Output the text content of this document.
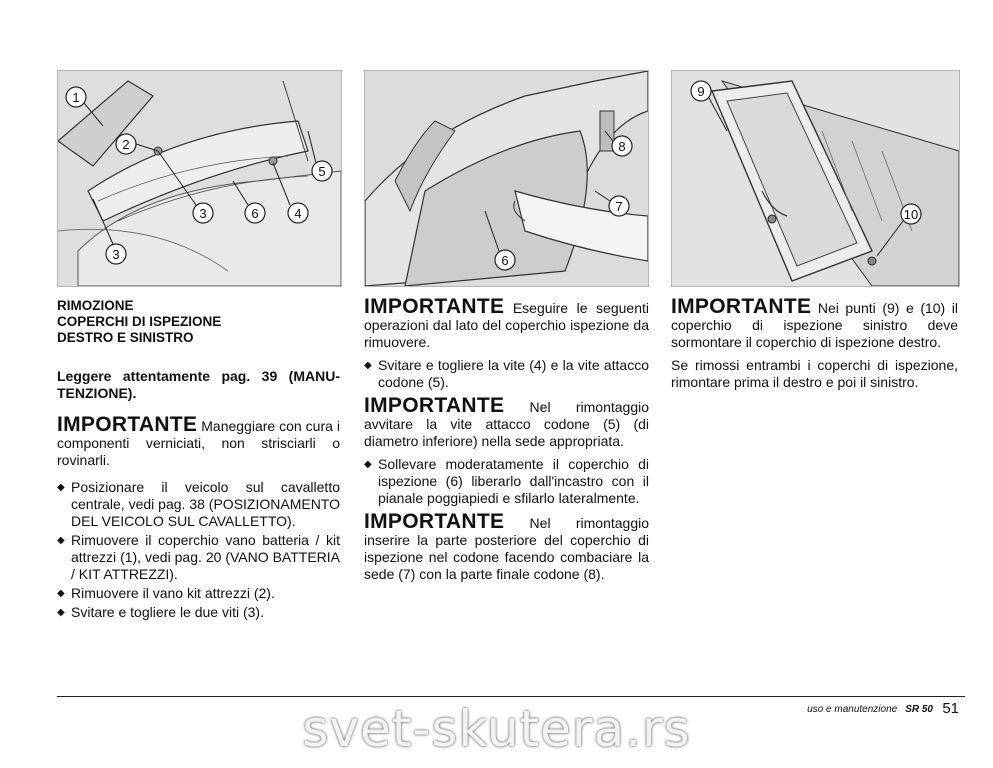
1
2
3	6	4
5
3
8
7
6
9
10
RIMOZIONE
COPERCHI DI ISPEZIONE
DESTRO E SINISTRO

Leggere attentamente pag. 39 (MANU-TENZIONE).

IMPORTANTE Maneggiare con cura i componenti verniciati, non strisciarli o rovinarli.

◆ Posizionare il veicolo sul cavalletto centrale, vedi pag. 38 (POSIZIONAMENTO DEL VEICOLO SUL CAVALLETTO).
◆ Rimuovere il coperchio vano batteria / kit attrezzi (1), vedi pag. 20 (VANO BATTERIA / KIT ATTREZZI).
◆ Rimuovere il vano kit attrezzi (2).
◆ Svitare e togliere le due viti (3).

IMPORTANTE Eseguire le seguenti operazioni dal lato del coperchio ispezione da rimuovere.

◆ Svitare e togliere la vite (4) e la vite attacco codone (5).

IMPORTANTE Nel rimontaggio avvitare la vite attacco codone (5) (di diametro inferiore) nella sede appropriata.

◆ Sollevare moderatamente il coperchio di ispezione (6) liberarlo dall'incastro con il pianale poggiapiedi e sfilarlo lateralmente.

IMPORTANTE Nel rimontaggio inserire la parte posteriore del coperchio di ispezione nel codone facendo combaciare la sede (7) con la parte finale codone (8).

IMPORTANTE Nei punti (9) e (10) il coperchio di ispezione sinistro deve sormontare il coperchio di ispezione destro.

Se rimossi entrambi i coperchi di ispezione, rimontare prima il destro e poi il sinistro.

uso e manutenzione SR 50 51
svet-skutera.rs
